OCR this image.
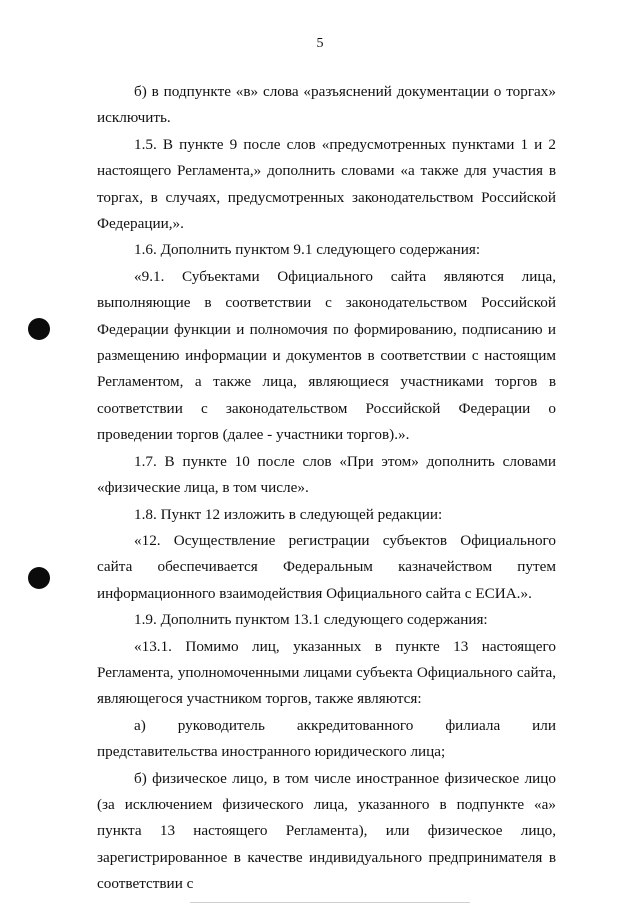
5

б) в подпункте «в» слова «разъяснений документации о торгах» исключить.

1.5. В пункте 9 после слов «предусмотренных пунктами 1 и 2 настоящего Регламента,» дополнить словами «а также для участия в торгах, в случаях, предусмотренных законодательством Российской Федерации,».

1.6. Дополнить пунктом 9.1 следующего содержания:

«9.1. Субъектами Официального сайта являются лица, выполняющие в соответствии с законодательством Российской Федерации функции и полномочия по формированию, подписанию и размещению информации и документов в соответствии с настоящим Регламентом, а также лица, являющиеся участниками торгов в соответствии с законодательством Российской Федерации о проведении торгов (далее - участники торгов).».

1.7. В пункте 10 после слов «При этом» дополнить словами «физические лица, в том числе».

1.8. Пункт 12 изложить в следующей редакции:

«12. Осуществление регистрации субъектов Официального сайта обеспечивается Федеральным казначейством путем информационного взаимодействия Официального сайта с ЕСИА.».

1.9. Дополнить пунктом 13.1 следующего содержания:

«13.1. Помимо лиц, указанных в пункте 13 настоящего Регламента, уполномоченными лицами субъекта Официального сайта, являющегося участником торгов, также являются:

а) руководитель аккредитованного филиала или представительства иностранного юридического лица;

б) физическое лицо, в том числе иностранное физическое лицо (за исключением физического лица, указанного в подпункте «а» пункта 13 настоящего Регламента), или физическое лицо, зарегистрированное в качестве индивидуального предпринимателя в соответствии с
